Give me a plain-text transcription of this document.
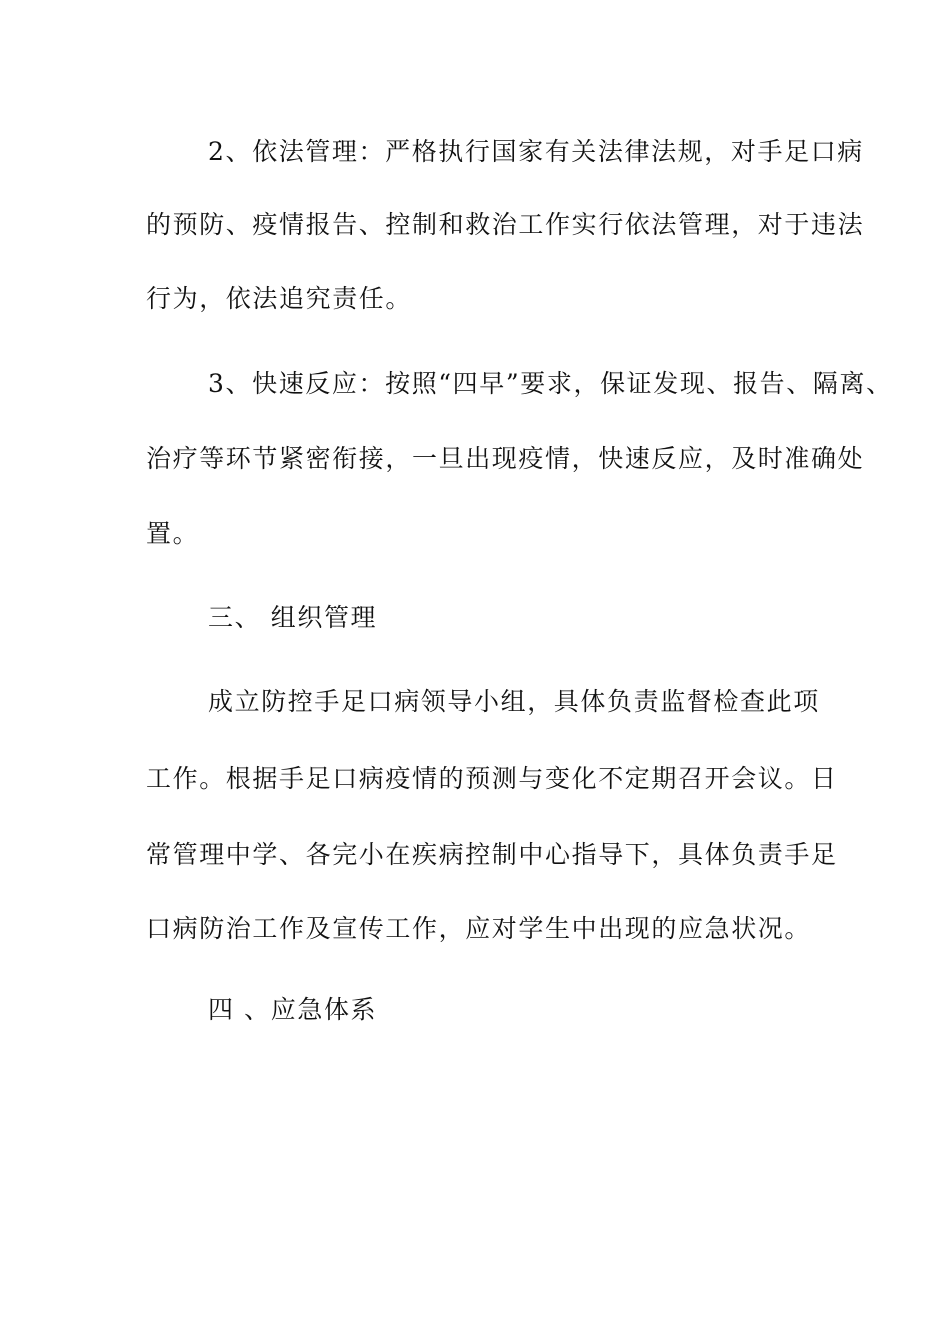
2、依法管理：严格执行国家有关法律法规，对手足口病
的预防、疫情报告、控制和救治工作实行依法管理，对于违法
行为，依法追究责任。
3、快速反应：按照“四早”要求，保证发现、报告、隔离、
治疗等环节紧密衔接，一旦出现疫情，快速反应，及时准确处
置。
三、 组织管理
成立防控手足口病领导小组，具体负责监督检查此项
工作。根据手足口病疫情的预测与变化不定期召开会议。日
常管理中学、各完小在疾病控制中心指导下，具体负责手足
口病防治工作及宣传工作，应对学生中出现的应急状况。
四 、应急体系
